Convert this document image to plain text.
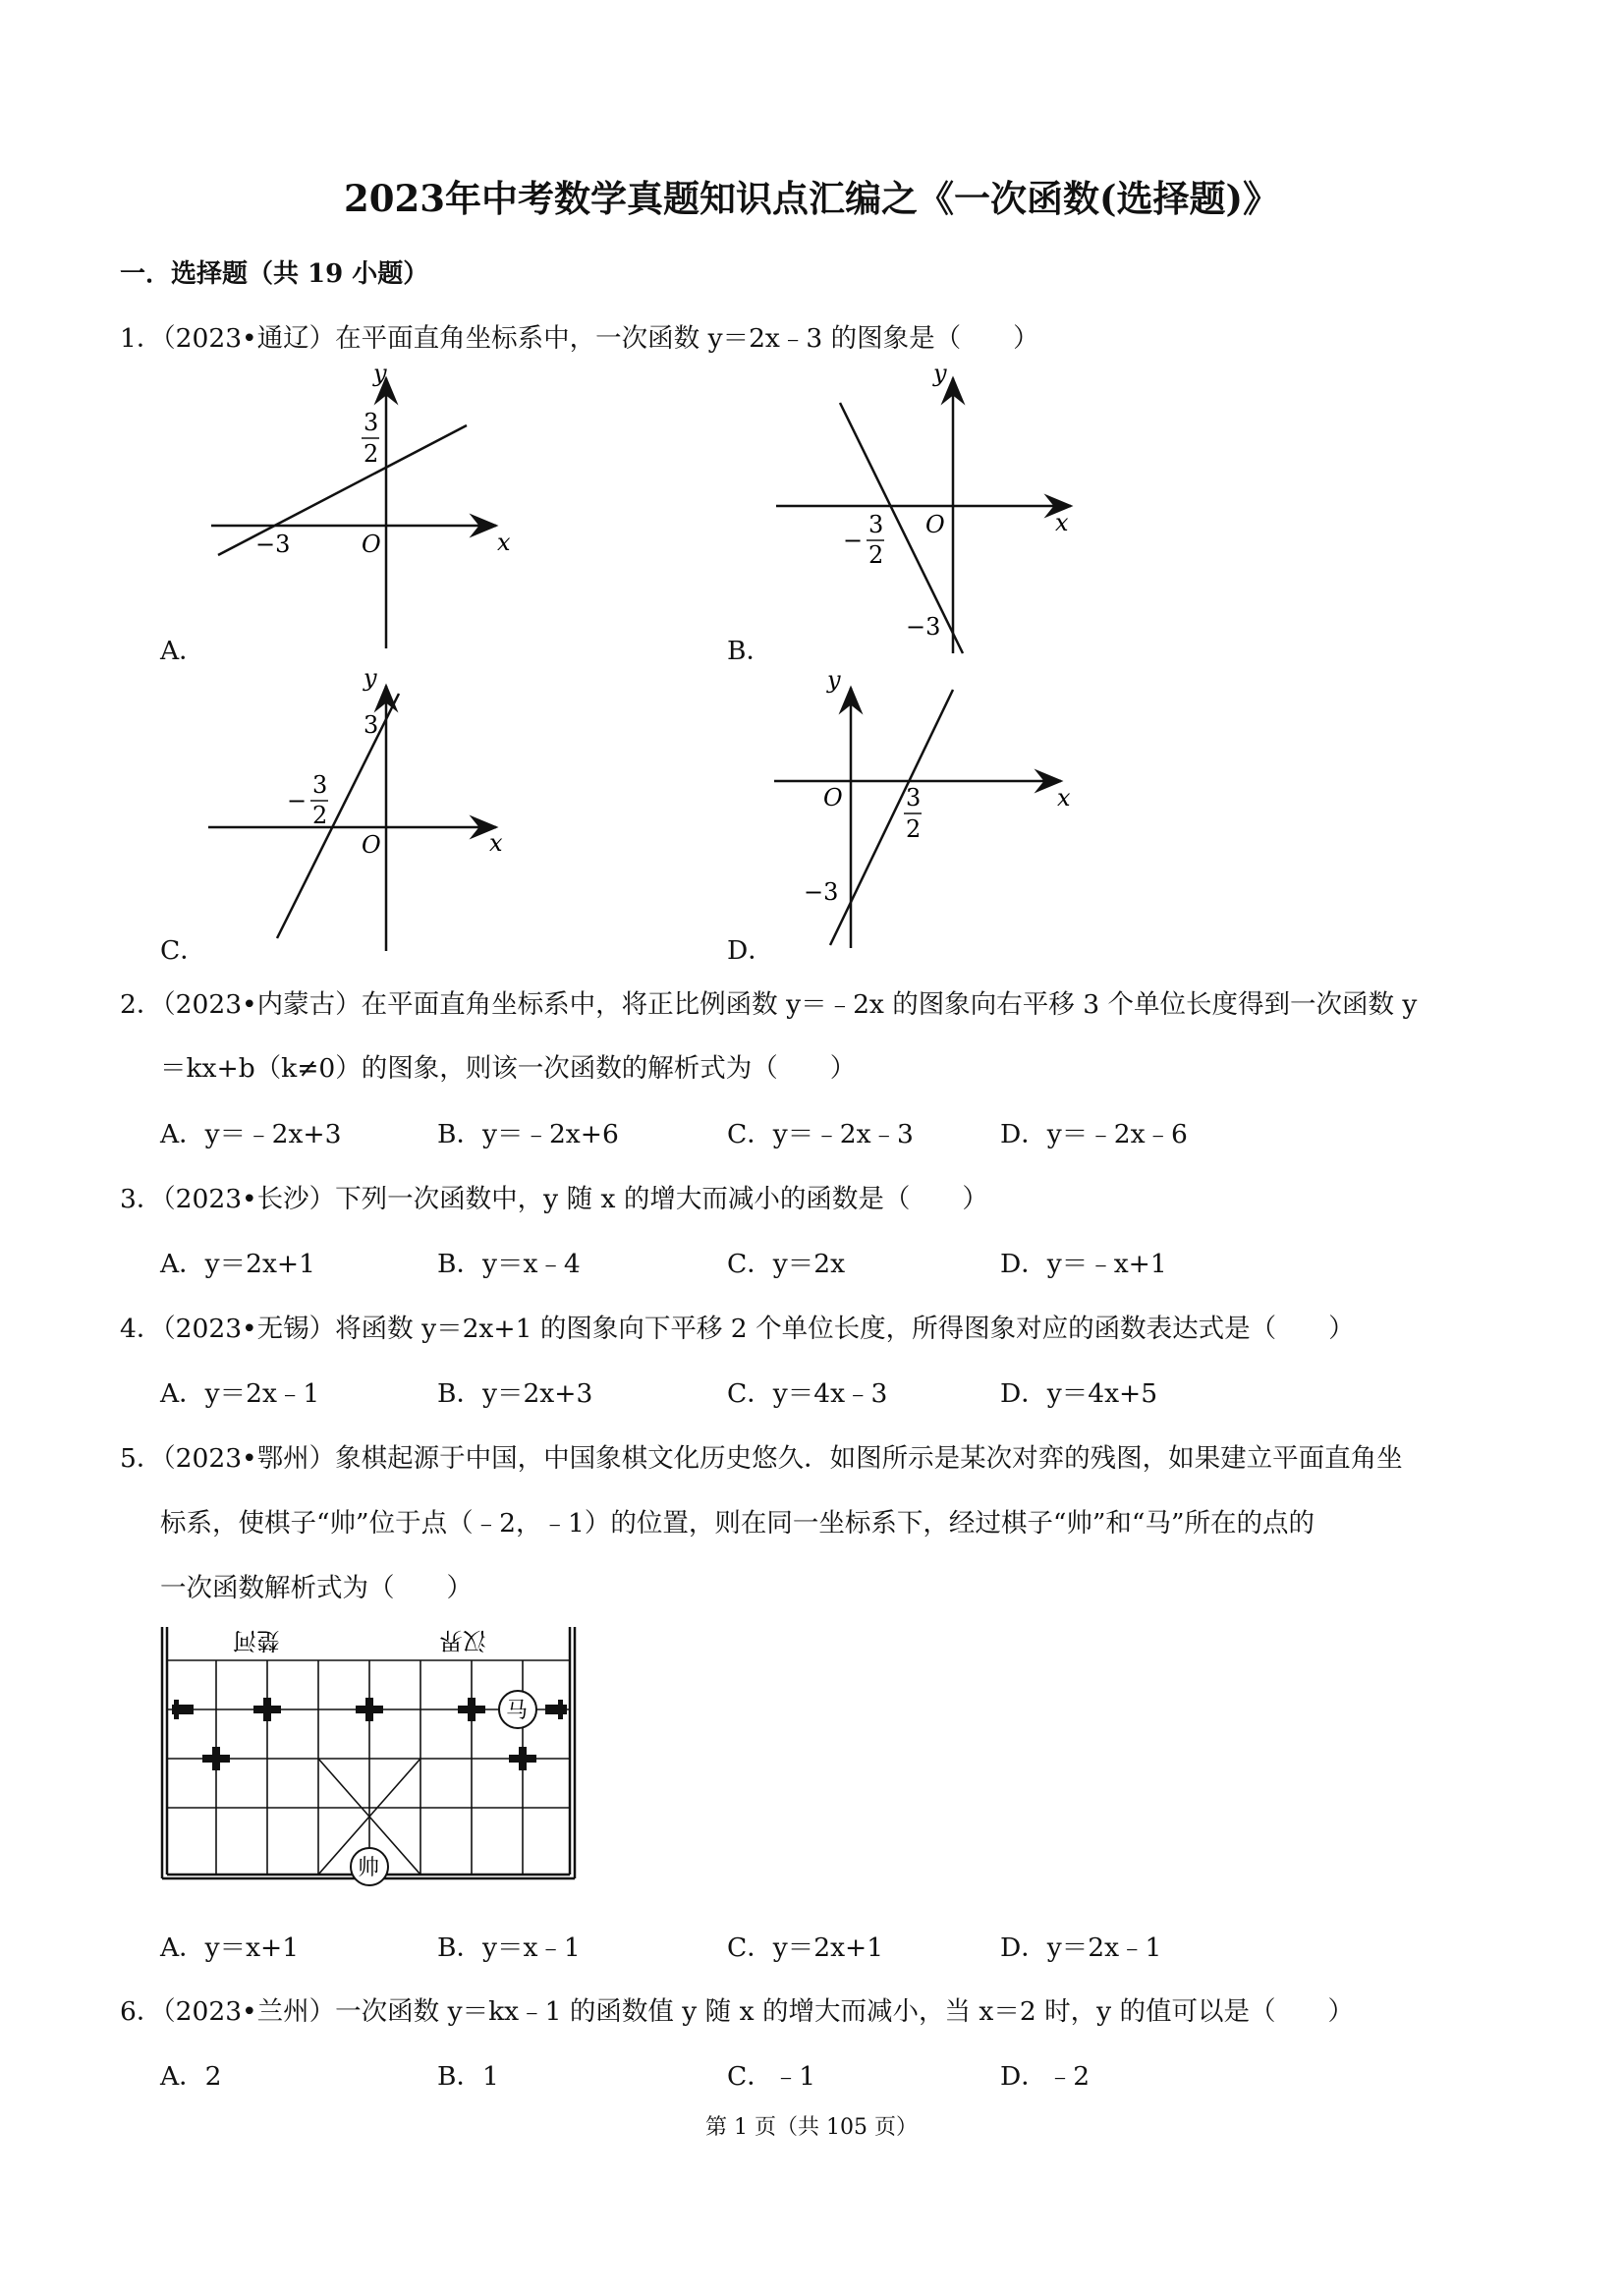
2023年中考数学真题知识点汇编之《一次函数(选择题)》
一．选择题（共 19 小题）
1．（2023•通辽）在平面直角坐标系中，一次函数 y＝2x﹣3 的图象是（　　）
A．
y
x
O
−3
3
2
B．
y
x
O
−
3
2
−3
C．
y
x
O
3
−
3
2
D．
y
x
O	3
2
−3
2．（2023•内蒙古）在平面直角坐标系中，将正比例函数 y＝﹣2x 的图象向右平移 3 个单位长度得到一次函数 y
＝kx+b（k≠0）的图象，则该一次函数的解析式为（　　）
A．y＝﹣2x+3	B．y＝﹣2x+6	C．y＝﹣2x﹣3	D．y＝﹣2x﹣6
3．（2023•长沙）下列一次函数中，y 随 x 的增大而减小的函数是（　　）
A．y＝2x+1	B．y＝x﹣4	C．y＝2x	D．y＝﹣x+1
4．（2023•无锡）将函数 y＝2x+1 的图象向下平移 2 个单位长度，所得图象对应的函数表达式是（　　）
A．y＝2x﹣1	B．y＝2x+3	C．y＝4x﹣3	D．y＝4x+5
5．（2023•鄂州）象棋起源于中国，中国象棋文化历史悠久．如图所示是某次对弈的残图，如果建立平面直角坐
标系，使棋子“帅”位于点（﹣2，﹣1）的位置，则在同一坐标系下，经过棋子“帅”和“马”所在的点的
一次函数解析式为（　　）
楚河	汉界
马
帅
A．y＝x+1	B．y＝x﹣1	C．y＝2x+1	D．y＝2x﹣1
6．（2023•兰州）一次函数 y＝kx﹣1 的函数值 y 随 x 的增大而减小，当 x＝2 时，y 的值可以是（　　）
A．2	B．1	C．﹣1	D．﹣2
第 1 页（共 105 页）
